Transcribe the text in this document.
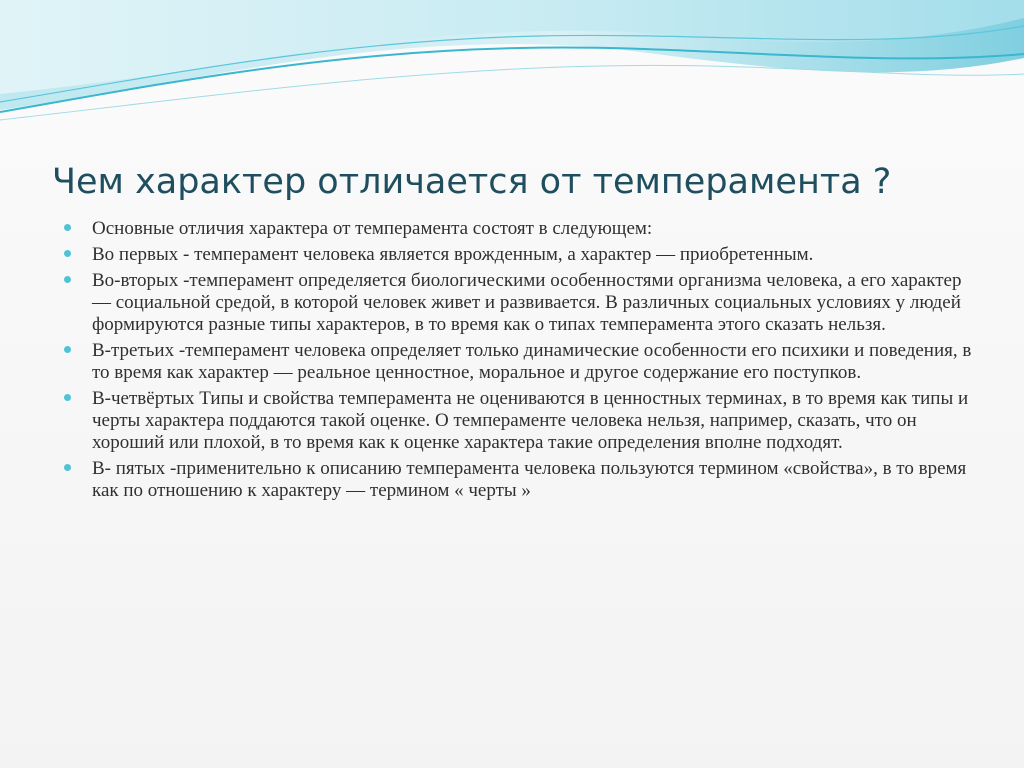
Чем характер отличается от темперамента ?
Основные отличия характера от темперамента состоят в следующем:
Во первых - темперамент человека является врожденным, а характер — приобретенным.
Во-вторых -темперамент определяется биологическими особенностями организма человека, а его характер — социальной средой, в которой человек живет и развивается. В различных социальных условиях у людей формируются разные типы характеров, в то время как о типах темперамента этого сказать нельзя.
В-третьих -темперамент человека определяет только динамические особенности его психики и поведения, в то время как характер — реальное ценностное, моральное и другое содержание его поступков.
В-четвёртых Типы и свойства темперамента не оцениваются в ценностных терминах, в то время как типы и черты характера поддаются такой оценке. О темпераменте человека нельзя, например, сказать, что он хороший или плохой, в то время как к оценке характера такие определения вполне подходят.
В- пятых -применительно к описанию темперамента человека пользуются термином «свойства», в то время как по отношению к характеру — термином « черты »
